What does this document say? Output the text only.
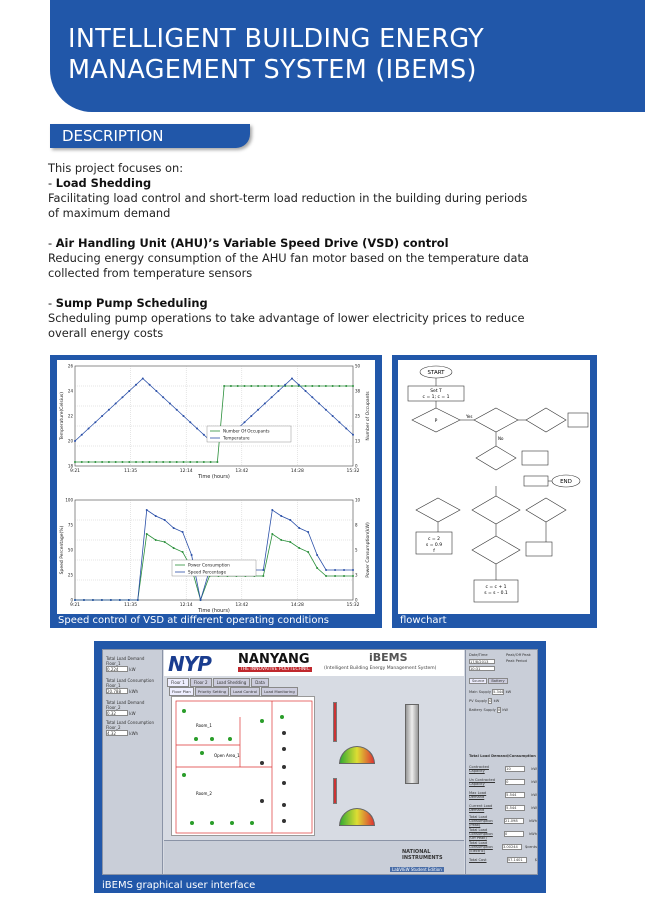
INTELLIGENT BUILDING ENERGY
MANAGEMENT SYSTEM (IBEMS)
DESCRIPTION

This project focuses on:

- Load Shedding

Facilitating load control and short-term load reduction in the building during periods

of maximum demand

- Air Handling Unit (AHU)’s Variable Speed Drive (VSD) control

Reducing energy consumption of the AHU fan motor based on the temperature data

collected from temperature sensors

- Sump Pump Scheduling

Scheduling pump operations to take advantage of lower electricity prices to reduce

overall energy costs

9:21	11:35	12:14	13:42	14:28	15:32
Time (hours)
Temperature(Celsius)	Number of Occupants
18	0
20	13
22	25
24	38
26	50
Number Of Occupants
Temperature
9:21	11:35	12:14	13:42	14:28	15:32
Time (hours)
Speed Percentage(%)	Power Consumption(kW)
0	0
25	3
50	5
75	8
100	10
Power Consumption
Speed Percentage
Speed control of VSD at different operating conditions
START
Set T
c = 1; c = 1
P
END
c = 2
s = 0.9
f
c = c + 1
s = s – 0.1
Yes
No
Air handling unit ’s VSD control flowchart
Total Load Demand Floor_1
0.224	kW
Total Load Consumption Floor_1
20.788 kWh
Total Load Demand Floor_2
0.32	kW
Total Load Consumption Floor_2
4.32	kWh
NYP NANYANG
THE INNOVATIVE POLYTECHNIC
iBEMS
(Intelligent Building Energy Management System)
Floor 1	Floor 2	Load Shedding	Data
Floor Plan	Priority Setting	Load Control	Load Monitoring
Room_1
Open Area_1
Room_2
NATIONAL INSTRUMENTS
LabVIEW Student Edition
Date/Time
17/8/2013
10:31
Peak/Off Peak
Peak Period
Source	Battery
Main Supply 5.344 kW
PV Supply 0 kW
Battery Supply 0 kW
Total Load Demand/Consumption
Contracted Capacity	10	kW
Un Contracted Capacity	0	kW
Max Load Demand	5.544	kW
Current Load Demand	5.544	kW
Total Load Consumption (Peak)
21.098	kWh
Total Load Consumption (Off Peak)
0	kWh
Total Load Consumption (Electric)
3.00244	$cents
Total Cost	57.1401	$
iBEMS graphical user interface
